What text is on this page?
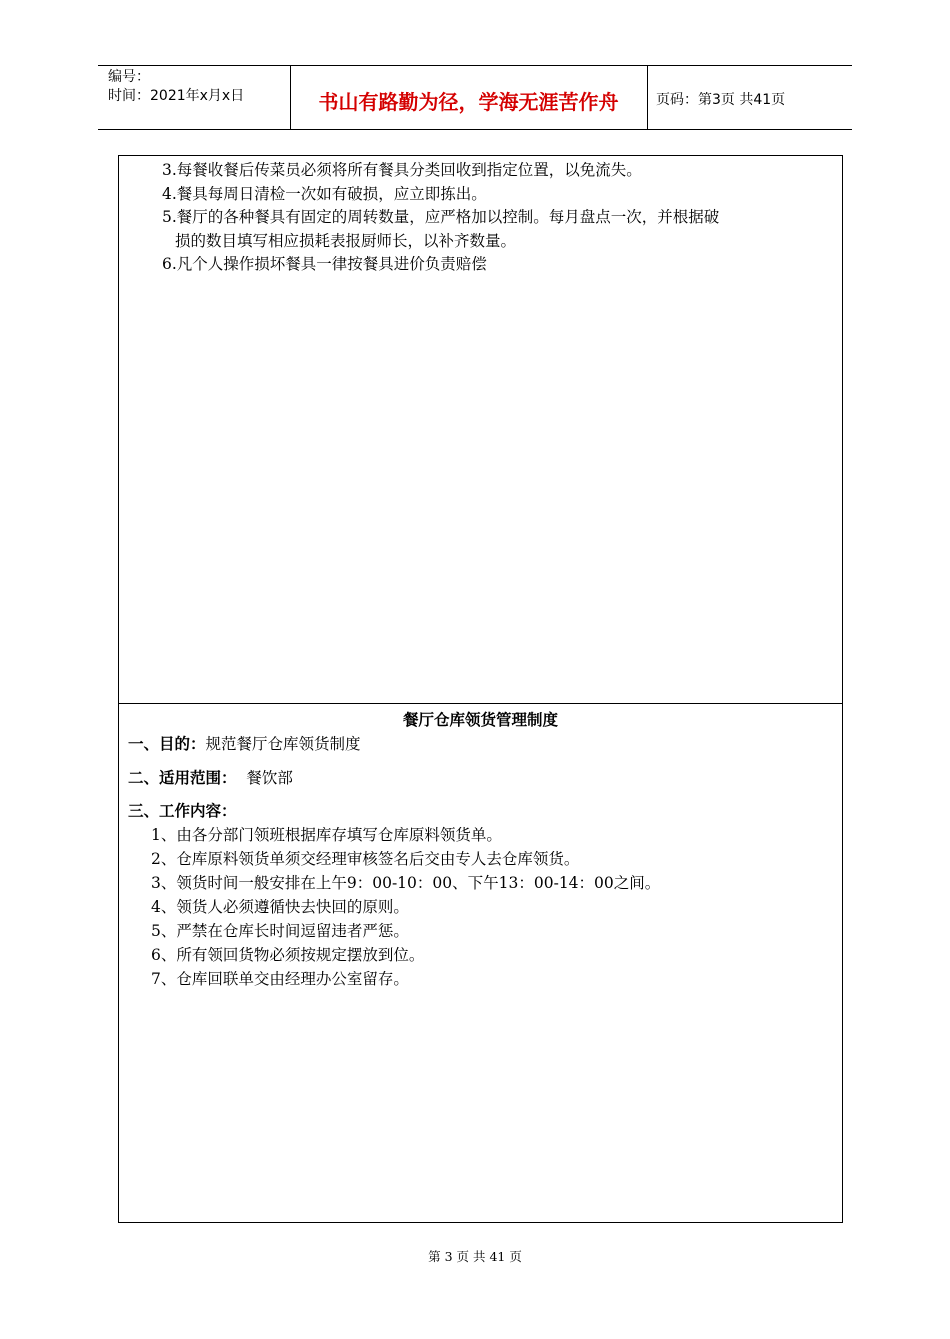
编号：
时间：2021年x月x日	书山有路勤为径，学海无涯苦作舟	页码：第3页 共41页
3.每餐收餐后传菜员必须将所有餐具分类回收到指定位置，以免流失。
4.餐具每周日清检一次如有破损，应立即拣出。
5.餐厅的各种餐具有固定的周转数量，应严格加以控制。每月盘点一次，并根据破
损的数目填写相应损耗表报厨师长，以补齐数量。
6.凡个人操作损坏餐具一律按餐具进价负责赔偿
餐厅仓库领货管理制度
一、目的：规范餐厅仓库领货制度
二、适用范围： 餐饮部
三、工作内容：
1、由各分部门领班根据库存填写仓库原料领货单。
2、仓库原料领货单须交经理审核签名后交由专人去仓库领货。
3、领货时间一般安排在上午9：00-10：00、下午13：00-14：00之间。
4、领货人必须遵循快去快回的原则。
5、严禁在仓库长时间逗留违者严惩。
6、所有领回货物必须按规定摆放到位。
7、仓库回联单交由经理办公室留存。
第 3 页 共 41 页
